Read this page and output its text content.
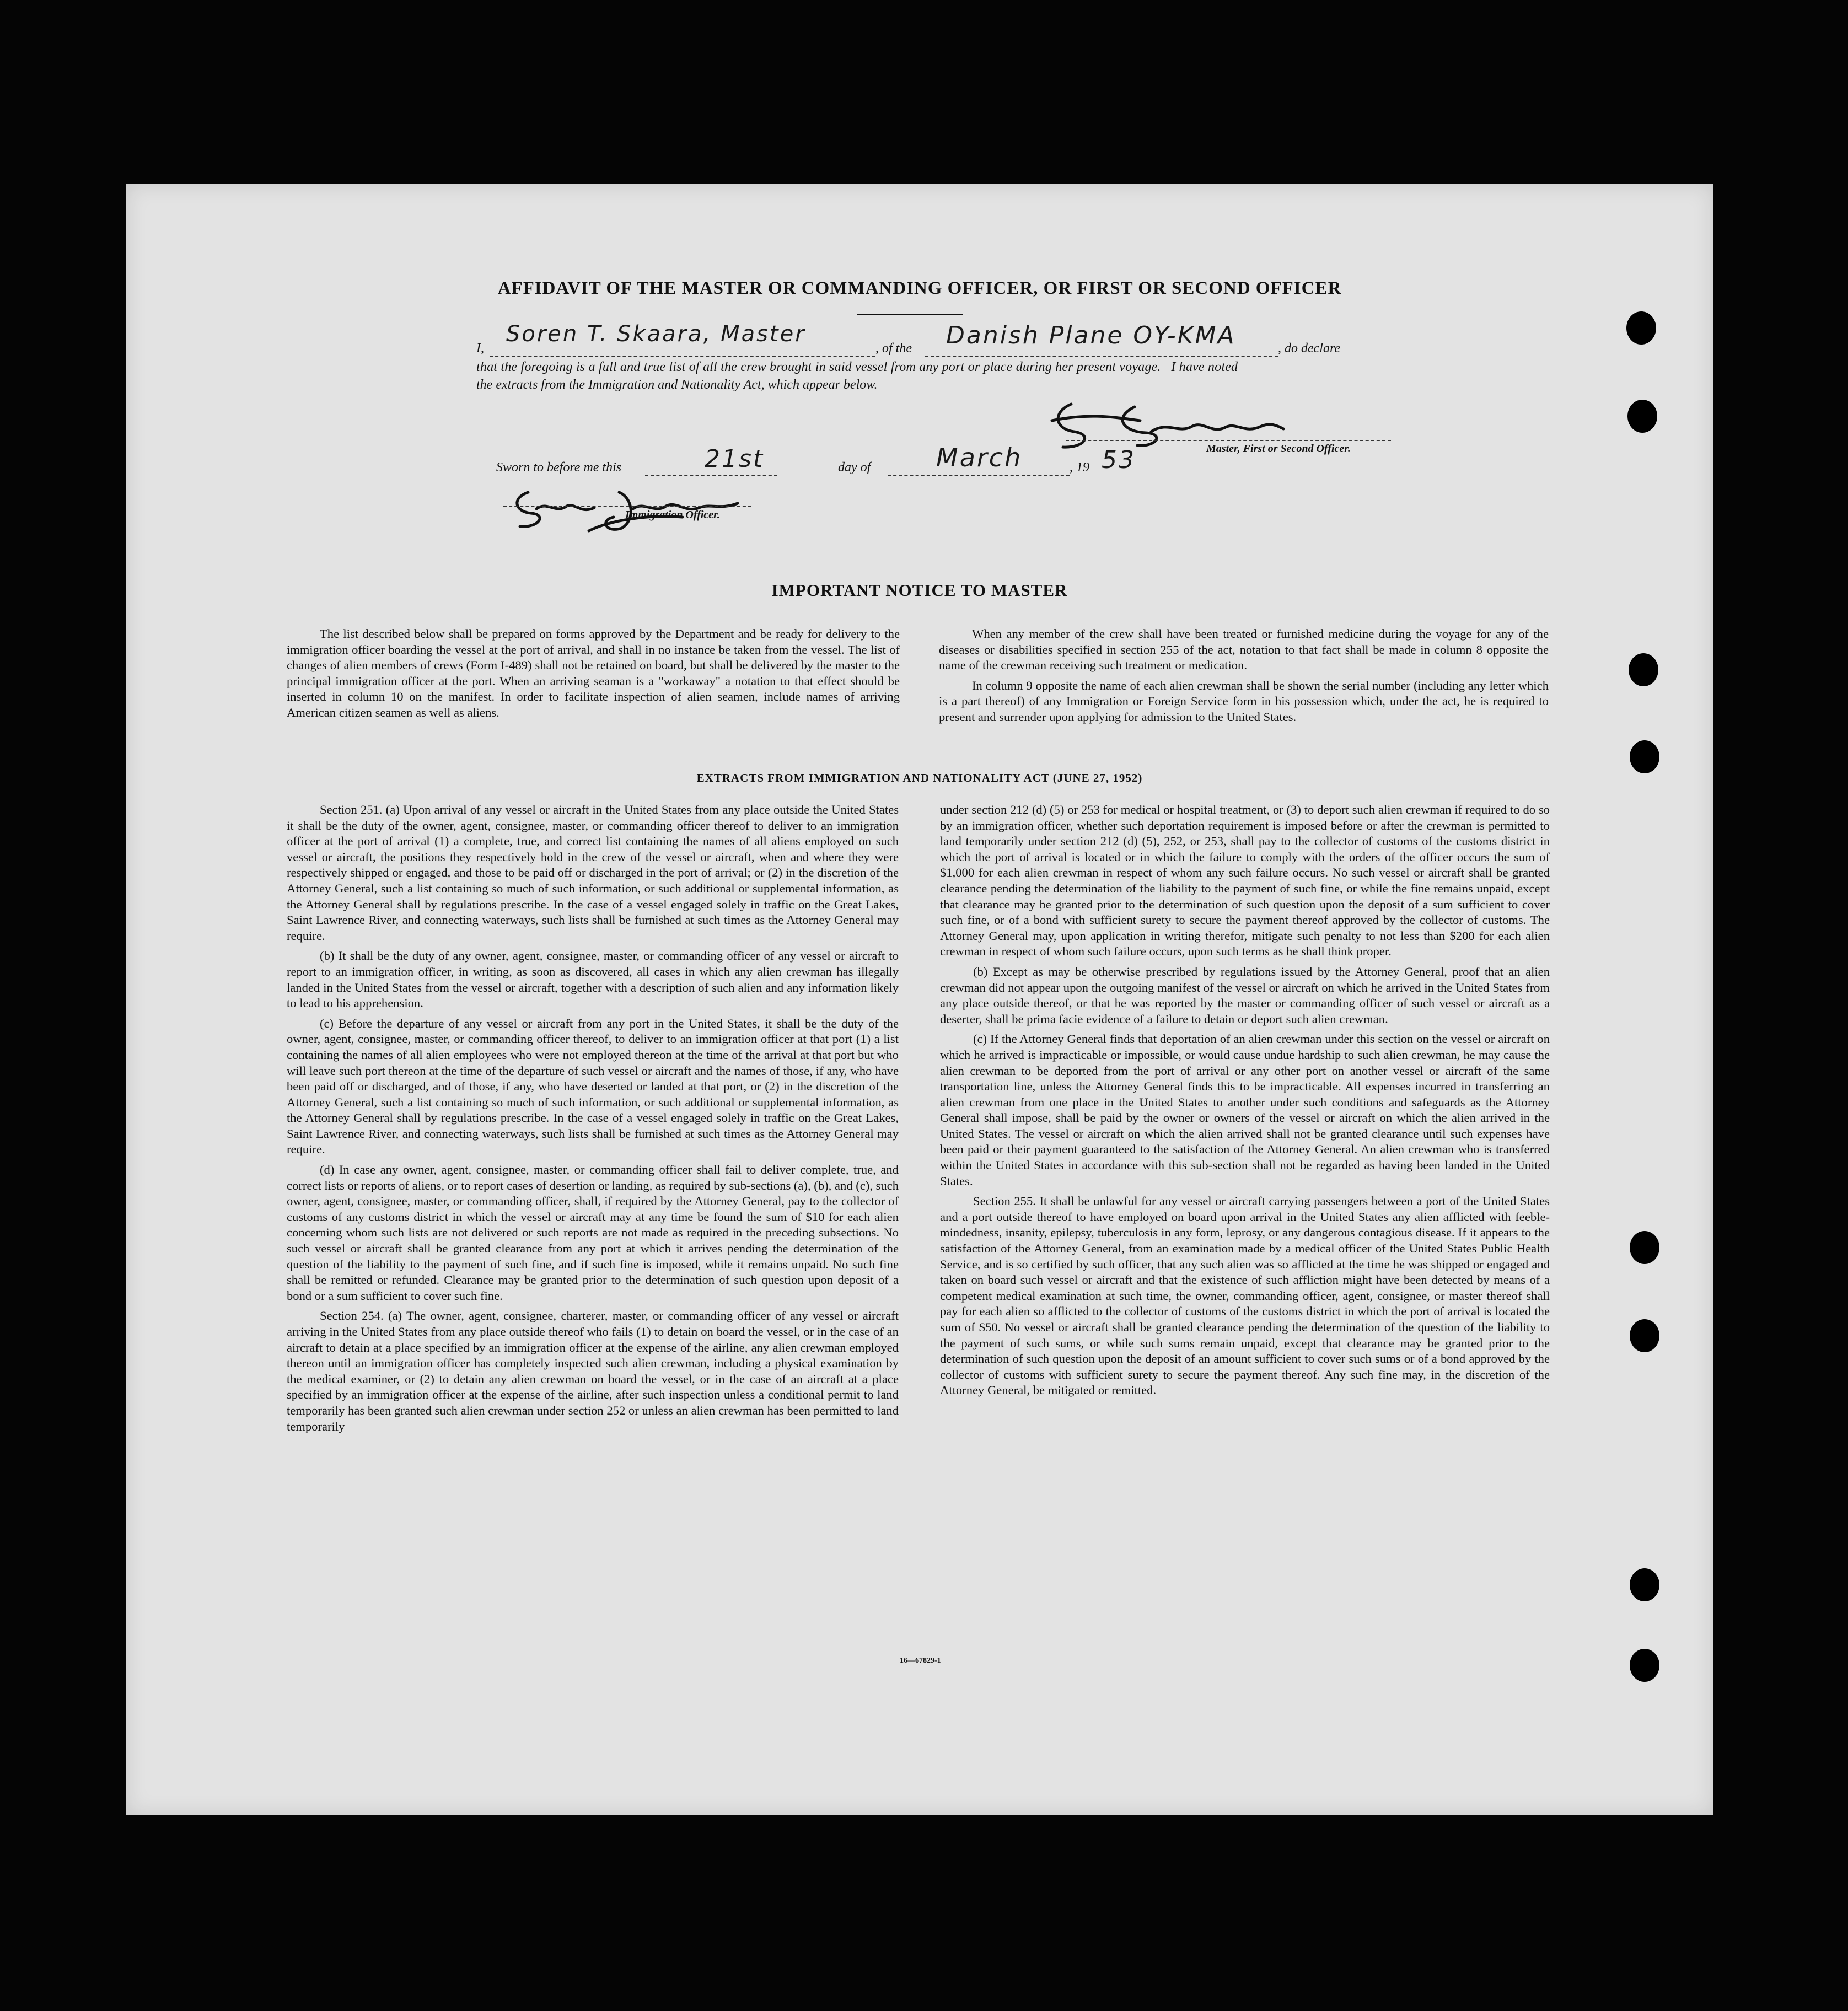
AFFIDAVIT OF THE MASTER OR COMMANDING OFFICER, OR FIRST OR SECOND OFFICER
I,
Soren T. Skaara, Master
, of the Danish Plane OY-KMA	, do declare
that the foregoing is a full and true list of all the crew brought in said vessel from any port or place during her present voyage.   I have noted
the extracts from the Immigration and Nationality Act, which appear below.
Master, First or Second Officer.
Sworn to before me this	21st	day of	March	, 19 53
Immigration Officer.
IMPORTANT NOTICE TO MASTER

The list described below shall be prepared on forms approved by the Department and be ready for delivery to the immigration officer boarding the vessel at the port of arrival, and shall in no instance be taken from the vessel. The list of changes of alien members of crews (Form I-489) shall not be retained on board, but shall be delivered by the master to the principal immigration officer at the port. When an arriving seaman is a "workaway" a notation to that effect should be inserted in column 10 on the manifest. In order to facilitate inspection of alien seamen, include names of arriving American citizen seamen as well as aliens.

When any member of the crew shall have been treated or furnished medicine during the voyage for any of the diseases or disabilities specified in section 255 of the act, notation to that fact shall be made in column 8 opposite the name of the crewman receiving such treatment or medication.

In column 9 opposite the name of each alien crewman shall be shown the serial number (including any letter which is a part thereof) of any Immigration or Foreign Service form in his possession which, under the act, he is required to present and surrender upon applying for admission to the United States.

EXTRACTS FROM IMMIGRATION AND NATIONALITY ACT (JUNE 27, 1952)

Section 251. (a) Upon arrival of any vessel or aircraft in the United States from any place outside the United States it shall be the duty of the owner, agent, consignee, master, or commanding officer thereof to deliver to an immigration officer at the port of arrival (1) a complete, true, and correct list containing the names of all aliens employed on such vessel or aircraft, the positions they respectively hold in the crew of the vessel or aircraft, when and where they were respectively shipped or engaged, and those to be paid off or discharged in the port of arrival; or (2) in the discretion of the Attorney General, such a list containing so much of such information, or such additional or supplemental information, as the Attorney General shall by regulations prescribe. In the case of a vessel engaged solely in traffic on the Great Lakes, Saint Lawrence River, and connecting waterways, such lists shall be furnished at such times as the Attorney General may require.

(b) It shall be the duty of any owner, agent, consignee, master, or commanding officer of any vessel or aircraft to report to an immigration officer, in writing, as soon as discovered, all cases in which any alien crewman has illegally landed in the United States from the vessel or aircraft, together with a description of such alien and any information likely to lead to his apprehension.

(c) Before the departure of any vessel or aircraft from any port in the United States, it shall be the duty of the owner, agent, consignee, master, or commanding officer thereof, to deliver to an immigration officer at that port (1) a list containing the names of all alien employees who were not employed thereon at the time of the arrival at that port but who will leave such port thereon at the time of the departure of such vessel or aircraft and the names of those, if any, who have been paid off or discharged, and of those, if any, who have deserted or landed at that port, or (2) in the discretion of the Attorney General, such a list containing so much of such information, or such additional or supplemental information, as the Attorney General shall by regulations prescribe. In the case of a vessel engaged solely in traffic on the Great Lakes, Saint Lawrence River, and connecting waterways, such lists shall be furnished at such times as the Attorney General may require.

(d) In case any owner, agent, consignee, master, or commanding officer shall fail to deliver complete, true, and correct lists or reports of aliens, or to report cases of desertion or landing, as required by sub-sections (a), (b), and (c), such owner, agent, consignee, master, or commanding officer, shall, if required by the Attorney General, pay to the collector of customs of any customs district in which the vessel or aircraft may at any time be found the sum of $10 for each alien concerning whom such lists are not delivered or such reports are not made as required in the preceding subsections. No such vessel or aircraft shall be granted clearance from any port at which it arrives pending the determination of the question of the liability to the payment of such fine, and if such fine is imposed, while it remains unpaid. No such fine shall be remitted or refunded. Clearance may be granted prior to the determination of such question upon deposit of a bond or a sum sufficient to cover such fine.

Section 254. (a) The owner, agent, consignee, charterer, master, or commanding officer of any vessel or aircraft arriving in the United States from any place outside thereof who fails (1) to detain on board the vessel, or in the case of an aircraft to detain at a place specified by an immigration officer at the expense of the airline, any alien crewman employed thereon until an immigration officer has completely inspected such alien crewman, including a physical examination by the medical examiner, or (2) to detain any alien crewman on board the vessel, or in the case of an aircraft at a place specified by an immigration officer at the expense of the airline, after such inspection unless a conditional permit to land temporarily has been granted such alien crewman under section 252 or unless an alien crewman has been permitted to land temporarily

under section 212 (d) (5) or 253 for medical or hospital treatment, or (3) to deport such alien crewman if required to do so by an immigration officer, whether such deportation requirement is imposed before or after the crewman is permitted to land temporarily under section 212 (d) (5), 252, or 253, shall pay to the collector of customs of the customs district in which the port of arrival is located or in which the failure to comply with the orders of the officer occurs the sum of $1,000 for each alien crewman in respect of whom any such failure occurs. No such vessel or aircraft shall be granted clearance pending the determination of the liability to the payment of such fine, or while the fine remains unpaid, except that clearance may be granted prior to the determination of such question upon the deposit of a sum sufficient to cover such fine, or of a bond with sufficient surety to secure the payment thereof approved by the collector of customs. The Attorney General may, upon application in writing therefor, mitigate such penalty to not less than $200 for each alien crewman in respect of whom such failure occurs, upon such terms as he shall think proper.

(b) Except as may be otherwise prescribed by regulations issued by the Attorney General, proof that an alien crewman did not appear upon the outgoing manifest of the vessel or aircraft on which he arrived in the United States from any place outside thereof, or that he was reported by the master or commanding officer of such vessel or aircraft as a deserter, shall be prima facie evidence of a failure to detain or deport such alien crewman.

(c) If the Attorney General finds that deportation of an alien crewman under this section on the vessel or aircraft on which he arrived is impracticable or impossible, or would cause undue hardship to such alien crewman, he may cause the alien crewman to be deported from the port of arrival or any other port on another vessel or aircraft of the same transportation line, unless the Attorney General finds this to be impracticable. All expenses incurred in transferring an alien crewman from one place in the United States to another under such conditions and safeguards as the Attorney General shall impose, shall be paid by the owner or owners of the vessel or aircraft on which the alien arrived in the United States. The vessel or aircraft on which the alien arrived shall not be granted clearance until such expenses have been paid or their payment guaranteed to the satisfaction of the Attorney General. An alien crewman who is transferred within the United States in accordance with this sub-section shall not be regarded as having been landed in the United States.

Section 255. It shall be unlawful for any vessel or aircraft carrying passengers between a port of the United States and a port outside thereof to have employed on board upon arrival in the United States any alien afflicted with feeble-mindedness, insanity, epilepsy, tuberculosis in any form, leprosy, or any dangerous contagious disease. If it appears to the satisfaction of the Attorney General, from an examination made by a medical officer of the United States Public Health Service, and is so certified by such officer, that any such alien was so afflicted at the time he was shipped or engaged and taken on board such vessel or aircraft and that the existence of such affliction might have been detected by means of a competent medical examination at such time, the owner, commanding officer, agent, consignee, or master thereof shall pay for each alien so afflicted to the collector of customs of the customs district in which the port of arrival is located the sum of $50. No vessel or aircraft shall be granted clearance pending the determination of the question of the liability to the payment of such sums, or while such sums remain unpaid, except that clearance may be granted prior to the determination of such question upon the deposit of an amount sufficient to cover such sums or of a bond approved by the collector of customs with sufficient surety to secure the payment thereof. Any such fine may, in the discretion of the Attorney General, be mitigated or remitted.

16—67829-1
